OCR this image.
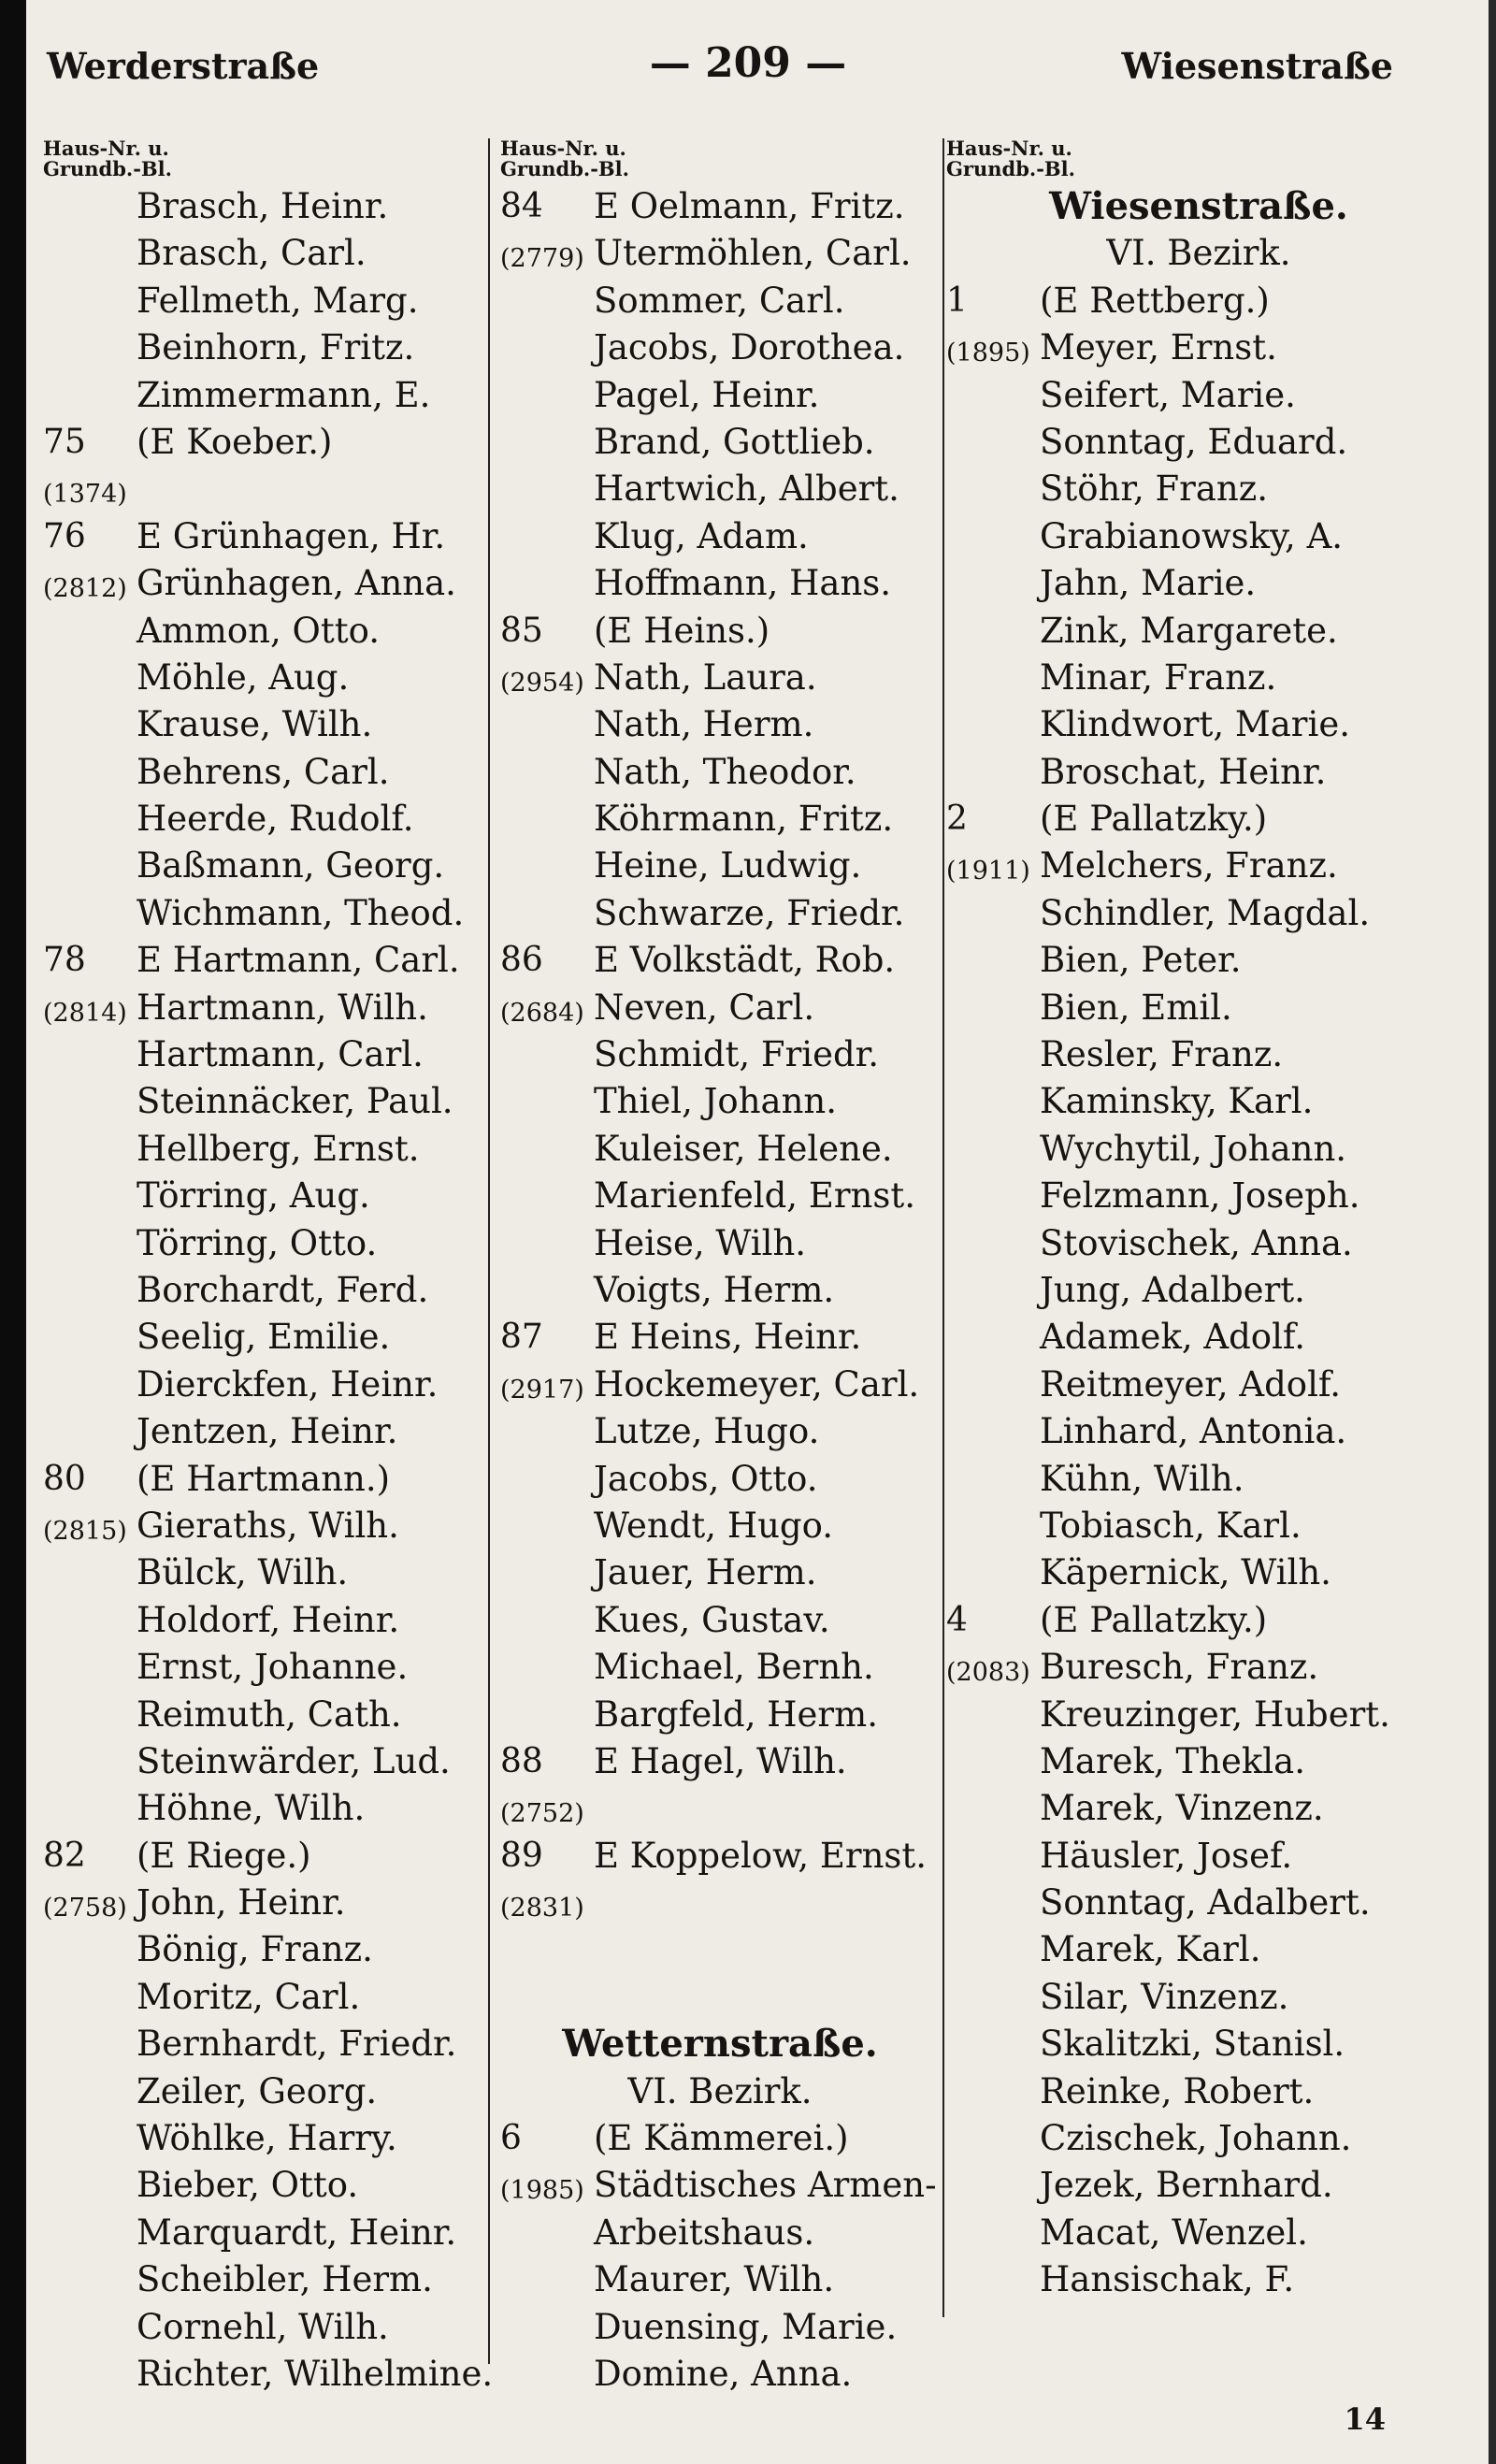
Werderstraße	— 209 —	Wiesenstraße
Haus-Nr. u.
Grundb.-Bl.
Brasch, Heinr.
Brasch, Carl.
Fellmeth, Marg.
Beinhorn, Fritz.
Zimmermann, E.
75 (E Koeber.)
(1374)
76 E Grünhagen, Hr.
(2812) Grünhagen, Anna.
Ammon, Otto.
Möhle, Aug.
Krause, Wilh.
Behrens, Carl.
Heerde, Rudolf.
Baßmann, Georg.
Wichmann, Theod.
78 E Hartmann, Carl.
(2814) Hartmann, Wilh.
Hartmann, Carl.
Steinnäcker, Paul.
Hellberg, Ernst.
Törring, Aug.
Törring, Otto.
Borchardt, Ferd.
Seelig, Emilie.
Dierckfen, Heinr.
Jentzen, Heinr.
80 (E Hartmann.)
(2815) Gieraths, Wilh.
Bülck, Wilh.
Holdorf, Heinr.
Ernst, Johanne.
Reimuth, Cath.
Steinwärder, Lud.
Höhne, Wilh.
82 (E Riege.)
(2758) John, Heinr.
Bönig, Franz.
Moritz, Carl.
Bernhardt, Friedr.
Zeiler, Georg.
Wöhlke, Harry.
Bieber, Otto.
Marquardt, Heinr.
Scheibler, Herm.
Cornehl, Wilh.
Richter, Wilhelmine.
Haus-Nr. u.
Grundb.-Bl.
84 E Oelmann, Fritz.
(2779) Utermöhlen, Carl.
Sommer, Carl.
Jacobs, Dorothea.
Pagel, Heinr.
Brand, Gottlieb.
Hartwich, Albert.
Klug, Adam.
Hoffmann, Hans.
85 (E Heins.)
(2954) Nath, Laura.
Nath, Herm.
Nath, Theodor.
Köhrmann, Fritz.
Heine, Ludwig.
Schwarze, Friedr.
86 E Volkstädt, Rob.
(2684) Neven, Carl.
Schmidt, Friedr.
Thiel, Johann.
Kuleiser, Helene.
Marienfeld, Ernst.
Heise, Wilh.
Voigts, Herm.
87 E Heins, Heinr.
(2917) Hockemeyer, Carl.
Lutze, Hugo.
Jacobs, Otto.
Wendt, Hugo.
Jauer, Herm.
Kues, Gustav.
Michael, Bernh.
Bargfeld, Herm.
88 E Hagel, Wilh.
(2752)
89 E Koppelow, Ernst.
(2831)
Wetternstraße.
VI. Bezirk.
6 (E Kämmerei.)
(1985) Städtisches Armen-
Arbeitshaus.
Maurer, Wilh.
Duensing, Marie.
Domine, Anna.
Haus-Nr. u.
Grundb.-Bl.
Wiesenstraße.
VI. Bezirk.
1 (E Rettberg.)
(1895) Meyer, Ernst.
Seifert, Marie.
Sonntag, Eduard.
Stöhr, Franz.
Grabianowsky, A.
Jahn, Marie.
Zink, Margarete.
Minar, Franz.
Klindwort, Marie.
Broschat, Heinr.
2 (E Pallatzky.)
(1911) Melchers, Franz.
Schindler, Magdal.
Bien, Peter.
Bien, Emil.
Resler, Franz.
Kaminsky, Karl.
Wychytil, Johann.
Felzmann, Joseph.
Stovischek, Anna.
Jung, Adalbert.
Adamek, Adolf.
Reitmeyer, Adolf.
Linhard, Antonia.
Kühn, Wilh.
Tobiasch, Karl.
Käpernick, Wilh.
4 (E Pallatzky.)
(2083) Buresch, Franz.
Kreuzinger, Hubert.
Marek, Thekla.
Marek, Vinzenz.
Häusler, Josef.
Sonntag, Adalbert.
Marek, Karl.
Silar, Vinzenz.
Skalitzki, Stanisl.
Reinke, Robert.
Czischek, Johann.
Jezek, Bernhard.
Macat, Wenzel.
Hansischak, F.
14
